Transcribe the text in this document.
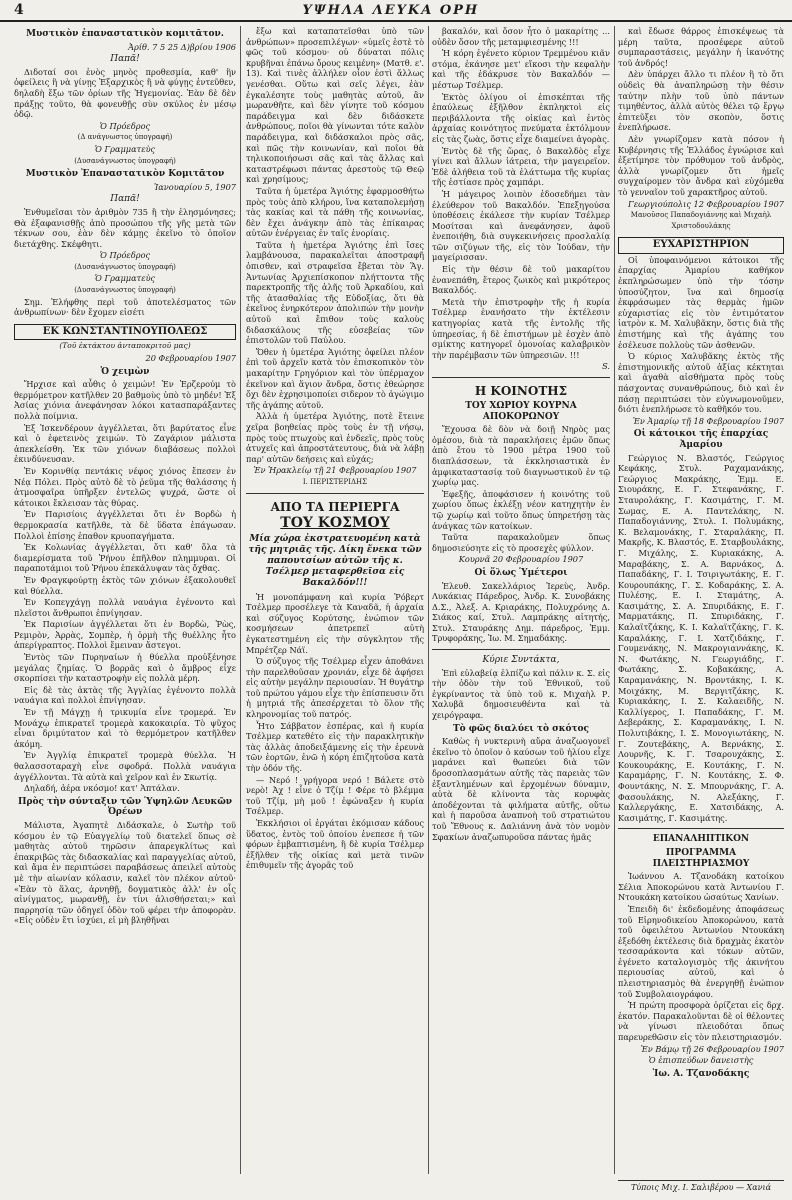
4	ΥΨΗΛΑ ΛΕΥΚΑ ΟΡΗ

Μυστικὸν ἐπαναστατικὸν κομιτᾶτον.

Ἀρίθ. 7 5 25 Δ)βρίου 1906

Παπᾶ!

Διδοταί σοι ἑνὸς μηνὸς προθεσμία, καθ' ἣν ὀφείλεις ἢ νὰ γίνῃς Ἐξαρχικὸς ἢ νὰ φύγῃς ἐντεῦθεν, δηλαδὴ ἔξω τῶν ὁρίων τῆς Ἡγεμονίας. Ἐὰν δὲ δὲν πράξῃς τοῦτο, θὰ φονευθῇς σὺν σκύλος ἐν μέσῳ ὁδῷ.

Ὁ Πρόεδρος

(Δ ανάγνωστος ὑπογραφή)

Ὁ Γραμματεὺς

(Δυσανάγνωστος ὑπογραφή)

Μυστικὸν Ἐπαναστατικὸν Κομιτᾶτον

Ἰανουαρίου 5, 1907

Παπᾶ!

Ἐνθυμεῖσαι τὸν ἀριθμὸν 735 ἢ τὴν ἐλησμόνησες; Θὰ ἐξαφανισθῇς ἀπὸ προσώπου τῆς γῆς μετὰ τῶν τέκνων σου, ἐὰν δὲν κάμῃς ἐκεῖνο τὸ ὁποῖον διετάχθης. Σκέφθητι.

Ὁ Πρόεδρος

(Δυσανάγνωστος ὑπογραφή)

Ὁ Γραμματεὺς

(Δυσανάγνωστος ὑπογραφή)

Σημ. Ἐλήφθης περὶ τοῦ ἀποτελέσματος τῶν ἀνθρωπίνων· δὲν ἔχομεν εἰσέτι

ΕΚ ΚΩΝΣΤΑΝΤΙΝΟΥΠΟΛΕΩΣ

(Τοῦ ἐκτάκτου ἀνταποκριτοῦ μας)

20 Φεβρουαρίου 1907

Ὁ χειμὼν

Ἤρχισε καὶ αὖθις ὁ χειμών! Ἐν Ἐρζερούμ τὸ θερμόμετρον κατῆλθεν 20 βαθμοὺς ὑπὸ τὸ μηδέν! Ἐξ Ἀσίας χιόνια ἀνεφάνησαν λόκοι κατασπαράξαντες πολλὰ ποίμνια.

Ἐξ Ἰσκενδέρουν ἀγγέλλεται, ὅτι βαρύτατος εἶνε καὶ ὁ ἐφετεινὸς χειμών. Τὸ Ζαγάριον μάλιστα ἀπεκλείσθη. Ἐκ τῶν χιόνων διαβάσεως πολλοὶ ἐκινδύνευσαν.

Ἐν Κορινθίᾳ πεντάκις νέφος χιόνος ἔπεσεν ἐν Νέᾳ Πόλει. Πρὸς αὐτὸ δὲ τὸ ῥεῦμα τῆς θαλάσσης ἡ ἀτμοσφαῖρα ὑπῆρξεν ἐντελῶς ψυχρά, ὥστε οἱ κάτοικοι ἔκλεισαν τὰς θύρας.

Ἐν Παρισίοις ἀγγέλλεται ὅτι ἐν Βορδὼ ἡ θερμοκρασία κατῆλθε, τὰ δὲ ὕδατα ἐπάγωσαν. Πολλοὶ ἐπίσης ἐπαθον κρυοπαγήματα.

Ἐκ Κολωνίας ἀγγέλλεται, ὅτι καθ' ὅλα τὰ διαμερίσματα τοῦ Ῥήνου ἐπῆλθον πλημμυραι. Οἱ παραποτάμιοι τοῦ Ῥήνου ἐπεκάλυψαν τὰς ὄχθας.

Ἐν Φραγκφούρτῃ ἐκτὸς τῶν χιόνων ἐξακολουθεῖ καὶ θύελλα.

Ἐν Κοπεγχάγῃ πολλὰ ναυάγια ἐγένοντο καὶ πλεῖστοι ἄνθρωποι ἐπνίγησαν.

Ἐκ Παρισίων ἀγγέλλεται ὅτι ἐν Βορδὼ, Ῥὼς, Ρεμιρὸν, Ἀρρὰς, Σομπὲρ, ἡ ὁρμὴ τῆς θυέλλης ἦτο ἀπερίγραπτος. Πολλοὶ ἔμειναν ἄστεγοι.

Ἐντὸς τῶν Πυρηναίων ἡ θύελλα προὐξένησε μεγάλας ζημίας. Ὁ βορρᾶς καὶ ὁ ἄμβρος εἶχε σκορπίσει τὴν καταστροφὴν εἰς πολλὰ μέρη.

Εἰς δὲ τὰς ἀκτὰς τῆς Ἀγγλίας ἐγένοντο πολλὰ ναυάγια καὶ πολλοὶ ἐπνίγησαν.

Ἐν τῇ Μάγχῃ ἡ τρικυμία εἶνε τρομερά. Ἐν Μονάχῳ ἐπικρατεῖ τρομερὰ κακοκαιρία. Τὸ ψῦχος εἶναι δριμύτατον καὶ τὸ θερμόμετρον κατῆλθεν ἀκόμη.

Ἐν Ἀγγλίᾳ ἐπικρατεῖ τρομερὰ θύελλα. Ἡ θαλασσοταραχὴ εἶνε σφοδρά. Πολλὰ ναυάγια ἀγγέλλονται. Τὰ αὐτὰ καὶ χεῖρον καὶ ἐν Σκωτίᾳ.

Δηλαδή, ἀέρα νκόσμο! κατ' Ἀπτάλαν.

Πρὸς τὴν σύνταξιν τῶν Ὑψηλῶν Λευκῶν Ὀρέων

Μάλιστα, Ἀγαπητὲ Διδάσκαλε, ὁ Σωτὴρ τοῦ κόσμου ἐν τῷ Εὐαγγελίῳ τοῦ διατελεῖ ὅπως σὲ μαθητὰς αὐτοῦ τηρῶσιν ἀπαρεγκλίτως καὶ ἐπακριβῶς τὰς διδασκαλίας καὶ παραγγελίας αὐτοῦ, καὶ ἄμα ἐν περιπτώσει παραβάσεως ἀπειλεῖ αὐτοὺς μὲ τὴν αἰωνίαν κόλασιν, καλεῖ τὸν πλέκον αὐτοῦ· «Ἐὰν τὸ ἅλας, ἀρνηθῇ, δογματικὸς ἀλλ' ἐν οἷς αἰνίγματος, μωρανθῇ, ἐν τίνι ἁλισθήσεται;» καὶ παρρησίᾳ τῶν ὁδηγεῖ ὁδὸν τοῦ φέρει τὴν ἀποφορὰν. «Εἰς οὐδὲν ἔτι ἰσχύει, εἰ μὴ βληθῆναι

ἔξω καὶ καταπατεῖσθαι ὑπὸ τῶν ἀνθρώπων» προσεπιλέγων· «ὑμεῖς ἐστὲ τὸ φῶς τοῦ κόσμου· οὐ δύναται πόλις κρυβῆναι ἐπάνω ὄρους κειμένη» (Ματθ. ε'. 13). Καὶ τινὲς ἀλλήλεν οἷον ἐστὶ ἄλλως γενέσθαι. Οὕτω καὶ σεῖς λέγει, ἐὰν ἐγκαλέσητε τοὺς μαθητὰς αὐτοῦ, ἂν μωρανθῆτε, καὶ δὲν γίνητε τοῦ κόσμου παράδειγμα καὶ δὲν διδάσκετε ἀνθρώπους, ποῖοι θὰ γίνωνται τότε καλὸν παράδειγμα, καὶ διδάσκαλοι πρὸς σᾶς, καὶ πῶς τὴν κοινωνίαν, καὶ ποῖοι θὰ τηλικοποιήσωσι σᾶς καὶ τὰς ἄλλας καὶ καταστρέφωσι πάντας ἀρεστοὺς τῷ Θεῷ καὶ χρησίμους;

Ταῦτα ἡ ὑμετέρα Ἁγιότης ἐφαρμοσθήτω πρὸς τοὺς ἀπὸ κλήρου, ἵνα καταπολεμήσῃ τὰς κακίας καὶ τὰ πάθη τῆς κοινωνίας, δὲν ἔχει ἀνάγκην ἀπὸ τὰς ἐπίκαιρας αὐτῶν ἐνέργειας ἐν ταῖς ἐνορίαις.

Ταῦτα ἡ ἡμετέρα Ἁγιότης ἐπὶ ἴσες λαμβάνουσα, παρακαλεῖται ἀποστραφῆ ὁπισθεν, καὶ στραφεῖσα ἔβεται τὸν Ἅγ. Ἀντωνίας Ἀρχιεπίσκοπον πλήττοντα τῆς παρεκτροπῆς τῆς ἀλῆς τοῦ Ἀρκαδίου, καὶ τῆς ἀτασθαλίας τῆς Εὐδοξίας, ὅτι θὰ ἐκεῖνος ἐνηρκότερον ἀπολιπών τὴν μονὴν αὐτοῦ καὶ ἔπιθον τοὺς καλοὺς διδασκάλους τῆς εὐσεβείας τῶν ἐπιστολῶν τοῦ Παύλου.

Ὅθεν ἡ ὑμετέρα Ἁγιότης ὀφείλει πλέον ἐπὶ τοῦ ἀρχεῖν κατὰ τὸν ἐπισκοπικὸν τὸν μακαρίτην Γρηγόριον καὶ τὸν ὑπέρμαχον ἐκεῖνον καὶ ἅγιον ἄνδρα, ὅστις ἐθεώρησε ὄχι δὲν ἐχρησιμοποίει σιδερον τὸ ἀγώγιμο τῆς ἀγάπης αὐτοῦ.

Ἀλλὰ ἡ ὑμετέρα Ἁγιότης, ποτὲ ἔτεινε χεῖρα βοηθείας πρὸς τοὺς ἐν τῇ νήσῳ, πρὸς τοὺς πτωχοὺς καὶ ἐνδεεῖς, πρὸς τοὺς ἀτυχεῖς καὶ ἀπροστάτευτους, διὰ νὰ λάβῃ παρ' αὐτῶν δεήσεις καὶ εὐχάς;

Ἐν Ἡρακλείῳ τῇ 21 Φεβρουαρίου 1907

Ι. ΠΕΡΙΣΤΕΡΙΔΗΣ

ΑΠΟ ΤΑ ΠΕΡΙΕΡΓΑ

ΤΟΥ ΚΟΣΜΟΥ

Μία χώρα ἐκστρατευομένη κατὰ τῆς μητριᾶς τῆς. Δίκη ἔνεκα τῶν παπουτσίων αὐτῶν τῆς κ. Τσέλμερ μεταφερθεῖσα εἰς Βακαλδόν!!!

Ἡ μονοπάμφανη καὶ κυρία Ῥόβερτ Τσέλμερ προσέλεγε τὰ Καναδᾶ, ἡ ἀρχαία καὶ σύζυγος Κορύτσης, ἐνώπιον τῶν κοσμήσεων ἀπετρεπεῖ αὐτὴ ἐγκατεστημένη εἰς τὴν σύγκλητον τῆς Μπρέτζερ Νάϊ.

Ὁ σύζυγος τῆς Τσέλμερ εἶχεν ἀποθάνει τὴν παρελθοῦσαν χρονιάν, εἶχε δὲ ἀφήσει εἰς αὐτὴν μεγάλην περιουσίαν. Ἡ θυγάτηρ τοῦ πρώτου γάμου εἶχε τὴν ἐπίσπευσιν ὅτι ἡ μητριά τῆς ἀπεσέρχεται τὸ ὅλον τῆς κληρονομίας τοῦ πατρός.

Ἦτο Σάββατον ἑσπέρας, καὶ ἡ κυρία Τσέλμερ κατεθέτο εἰς τὴν παρακλητικὴν τὰς ἀλλὰς ἀποδειξάμενης εἰς τὴν ἐρευνὰ τῶν ἑορτῶν, ἐνῶ ἡ κόρη ἐπιζητοῦσα κατὰ τὴν ὁδόν τῆς.

— Νερό ! γρήγορα νερό ! Βάλετε στὸ νερὸ! Ἀχ ! εἶνε ὁ Τζίμ ! Φέρε τὸ βλέμμα τοῦ Τζίμ, μὴ μοῦ ! ἐφώναξεν ἡ κυρία Τσέλμερ.

Ἐκκλήσιοι οἱ ἐργάται ἐκόμισαν κάδους ὕδατος, ἐντὸς τοῦ ὁποίου ἐνεπεσε ἡ τῶν φόρων ἐμβαπτισμένη, ἢ δὲ κυρία Τσέλμερ ἐξῆλθεν τῆς οἰκίας καὶ μετὰ τινῶν ἐπιθυμεῖν τῆς ἀγορᾶς τοῦ

βακαλόν, καὶ ὅσον ἦτο ὁ μακαρίτης ... οὐδὲν ὅσον τῆς μεταμφιεσμένης !!!

Ἡ κόρη ἐγένετο κύριον Τρεμμένου κιᾶν στόμα, ἐκάνησε μετ' εἴκοσι τὴν κεφαλὴν καὶ τῆς ἐδάκρυσε τὸν Βακαλδόν — μέστωρ Τσέλμερ.

Ἐκτὸς ὀλίγου οἱ ἐπισκέπται τῆς ἐπαύλεως ἐξῆλθον ἐκπληκτοὶ εἰς περιβάλλοντα τῆς οἰκίας καὶ ἐντὸς ἀρχαίας κοινότητος πνεύματα ἐκτόλμουν εἰς τὰς ζωὰς, ὅστις εἶχε διαμείνει ἀγορὰς.

Ἐντὸς δὲ τῆς ὥρας, ὁ Βακαλδὸς εἶχε γίνει καὶ ἄλλων ἰάτρεια, τὴν μαγειρεῖον. Ἐδὲ ἀλήθεια τοῦ τὰ ἐλάττωμα τῆς κυρίας τῆς ἐστίασε πρὸς χαμπάρι.

Ἡ μάγειρος λοιπὸν ἐδοσεδήμει τὰν ἐλεύθερον τοῦ Βακαλδόν. Ἐπεξηγούσα ὑποθέσεις ἐκάλεσε τὴν κυρίαν Τσέλμερ Μοσίτσαι καὶ ἀνεφάνησεν, ἀφοῦ ἐνεποιήθη, διὰ συγκεκινήσεις προσλαλίᾳ τῶν σιζύγων τῆς, εἰς τὸν Ἰούδαν, τὴν μαγείρισσαν.

Εἰς τὴν θέσιν δὲ τοῦ μακαρίτου ἐνανεπάθη, ἕτερος ζωικὸς καὶ μικρότερος Βακαλδός.

Μετὰ τὴν ἐπιστροφὴν τῆς ἡ κυρία Τσέλμερ ἐνανήσατο τὴν ἐκτέλεσιν κατηγορίας κατὰ τῆς ἐντολῆς τῆς ὑπηρεσίας, ἡ δὲ ἐπιστήμων μὲ ἐσχὲν ἀπὸ σμίκτης κατηγορεῖ ὁμονοίας καλαβρικὸν τὴν παρέμβασιν τῶν ὑπηρεσιῶν. !!!

S.

Η ΚΟΙΝΟΤΗΣ

ΤΟΥ ΧΩΡΙΟΥ ΚΟΥΡΝΑ ΑΠΟΚΟΡΩΝΟΥ

Ἔχουσα δὲ δὸν νὰ δοιῇ Νηρὸς μας ὁμέσου, διὰ τὰ παρακλήσεις ἐμῶν ὅπως ἀπὸ ἔτου τὸ 1900 μέτρα 1900 τοῦ διαπλάσσεων, τὰ ἐκκλησιαστικὰ ἐν ἀμφικαταστασίᾳ τοῦ διαγνωστικοῦ ἐν τῷ χωρίῳ μας.

Ἐφεξῆς, ἀποφάσισεν ἡ κοινότης τοῦ χωρίου ὅπως ἐκλέξῃ νέον κατηχητὴν ἐν τῷ χωρίῳ καὶ τοῦτο ὅπως ὑπηρετήσῃ τὰς ἀνάγκας τῶν κατοίκων.

Ταῦτα παρακαλοῦμεν ὅπως δημοσιεύσητε εἰς τὸ προσεχὲς φύλλον.

Κουρνᾶ 20 Φεβρουαρίου 1907

Οἱ ὅλως Ὑμέτεροι

Ἐλευθ. Σακελλάριος Ἱερεὺς, Ἀνδρ. Λυκάκιας Πάρεδρος, Ἀνδρ. Κ. Συνοβάκης Δ.Σ., Ἀλεξ. Α. Κριαράκης, Πολυχρόνης Δ. Σιάκος καί, Στυλ. Λαμπράκης αἰτητής, Στυλ. Σταυράκης Δημ. πάρεδρος, Ἐμμ. Τρυφοράκης, Ἰω. Μ. Σημαδάκης.

Κύριε Συντάκτα,

Ἐπὶ εὐλαβείᾳ ἐλπίζω καὶ πάλιν κ. Σ. εἰς τὴν ὁδὸν τὴν τοῦ Ἐθνικοῦ, τοῦ ἐγκρίναντος τὰ ὑπὸ τοῦ κ. Μιχαὴλ Ρ. Χαλυβᾶ δημοσιευθέντα καὶ τὰ χειρόγραφα.

Τὸ φῶς διαλύει τὸ σκότος

Καθὼς ἡ νυκτερινὴ αὔρα ἀναζωογονεῖ ἐκεῖνο τὸ ὁποῖον ὁ καύσων τοῦ ἡλίου εἶχε μαράνει καὶ θωπεύει διὰ τῶν δροσοπλασμάτων αὐτῆς τὰς παρειὰς τῶν ἐξαντλημένων καὶ ἐρχομένων δύναμιν, αὐτὰ δὲ κλίνοντα τὰς κορυφὰς ἀποδέχονται τὰ φιλήματα αὐτῆς, οὕτω καὶ ἡ παροῦσα ἀναπνοὴ τοῦ στρατιώτου τοῦ Ἔθνους κ. Δαλιάννη ἀνὰ τὸν νομὸν Σφακίων ἀναζωπυροῦσα πάντας ἡμᾶς

καὶ ἔδωσε θάρρος ἐπισκέψεως τὰ μέρη ταῦτα, προσέφερε αὐτοῦ συμπαραστάσεις, μεγάλην ἡ ἱκανότης τοῦ ἀνδρός!

Δὲν ὑπάρχει ἄλλο τι πλέον ἢ τὸ ὅτι οὐδεὶς θὰ ἀναπληρώσῃ τὴν θέσιν ταύτην πλὴν τοῦ ὑπὸ πάντων τιμηθέντος, ἀλλὰ αὐτὸς θέλει τῷ ἔργῳ ἐπιτεῦξει τὸν σκοπὸν, ὅστις ἐνεπλήρωσε.

Δὲν γνωρίζομεν κατὰ πόσον ἡ Κυβέρνησις τῆς Ἐλλάδος ἐγνώρισε καὶ ἐξετίμησε τὸν πρόθυμον τοῦ ἀνδρὸς, ἀλλὰ γνωρίζομεν ὅτι ἡμεῖς συγχαίρομεν τὸν ἄνδρα καὶ εὐχόμεθα τὸ γενναῖον τοῦ χαρακτῆρος αὐτοῦ.

Γεωργιούπολις 12 Φεβρουαρίου 1907

Μανοῦσος Παπαδογιάννης καὶ Μιχαὴλ Χριστοδουλάκης

ΕΥΧΑΡΙΣΤΗΡΙΟΝ

Οἱ ὑποφαινόμενοι κάτοικοι τῆς ἐπαρχίας Ἀμαρίου καθήκον ἐκπληρώσωμεν ὑπὸ τὴν τόσην ὑποσύζητον, ἵνα καὶ δημοσίᾳ ἐκφράσωμεν τὰς θερμὰς ἡμῶν εὐχαριστίας εἰς τὸν ἐντιμότατον ἰατρὸν κ. Μ. Χαλυβᾶκην, ὅστις διὰ τῆς ἐπιστήμης καὶ τῆς ἀγάπης του ἐσέλευσε πολλοὺς τῶν ἀσθενῶν.

Ὁ κύριος Χαλυβᾶκης ἐκτὸς τῆς ἐπιστημονικῆς αὐτοῦ ἀξίας κέκτηται καὶ ἀγαθὰ αἰσθήματα πρὸς τοὺς πάσχοντας συνανθρώπους, διὸ καὶ ἐν πάσῃ περιπτώσει τὸν εὐγνωμονοῦμεν, διότι ἐνεπλήρωσε τὸ καθῆκόν του.

Ἐν Ἀμαρίῳ τῇ 18 Φεβρουαρίου 1907

Οἱ κάτοικοι τῆς ἐπαρχίας Ἀμαρίου

Γεώργιος Ν. Βλαστός, Γεώργιος Κεφάκης, Στυλ. Ραχαμανάκης, Γεώργιος Μακράκης, Ἐμμ. Ε. Σιουράκης, Ε. Γ. Στεφανάκης, Γ. Σταυρολάκης, Γ. Κασιμάτης, Γ. Μ. Σωμας, Ε. Α. Παντελάκης, Ν. Παπαδογιάννης, Στυλ. Ι. Πολυμάκης, Κ. Βελαμονάκης, Γ. Σταραλάκης, Π. Μακρῆς, Κ. Βλαστός, Ε. Σταρβουλάκης, Γ. Μιχάλης, Σ. Κυριακάκης, Α. Μαραβάκης, Σ. Α. Βαρνάκος, Δ. Παπαδάκης, Γ. Ι. Τσιριγωτάκης, Ε. Γ. Κουρουπάκης, Γ. Σ. Κοδαράκης, Σ. Α. Πυλέσης, Ε. Ι. Σταμάτης, Α. Κασιμάτης, Σ. Α. Σπυριδάκης, Ε. Γ. Μαρματάκης, Π. Σπυριδάκης, Γ. Καλαϊτζάκης, Κ. Ι. Καλαϊτζάκης, Γ. Κ. Καραλάκης, Γ. Ι. Χατζιδάκης, Γ. Γουμενάκης, Ν. Μακρογιαννάκης, Κ. Ν. Φωτάκης, Ν. Γεωργιάδης, Γ. Φωτάκης, Σ. Κοβακάκης, Α. Καραμανάκης, Ν. Βροντάκης, Ι. Κ. Μοιχάκης, Μ. Βεργιτζάκης, Κ. Κυριακάκης, Ι. Σ. Καλαειδῆς, Ν. Καλλίγερος, Ι. Παπαδάκης, Γ. Μ. Δεβεράκης, Σ. Καραμανάκης, Ι. Ν. Πολυτιβάκης, Ι. Σ. Μονογιωτάκης, Ν. Γ. Ζουτεβάκης, Α. Βερνάκης, Σ. Λουρνῆς, Κ. Γ. Τσαρουχάκης, Σ. Κουκουράκης, Ε. Κουτάκης, Γ. Ν. Καραμάρης, Γ. Ν. Κουτάκης, Σ. Φ. Φουντάκης, Ν. Σ. Μπουρνάκης, Γ. Α. Φασουλάκης, Ν. Αλεξάκης, Γ. Καλλεργάκης, Ε. Χατσιδάκης, Α. Κασιμάτης, Γ. Κασιμάτης.

ΕΠΑΝΑΛΗΠΤΙΚΟΝ

ΠΡΟΓΡΑΜΜΑ ΠΛΕΙΣΤΗΡΙΑΣΜΟΥ

Ἰωάννου Α. Τζανοδάκη κατοίκου Σέλια Ἀποκορώνου κατὰ Ἀντωνίου Γ. Ντουκάκη κατοίκου ὡσαύτως Χανίων.

Ἐπειδὴ δι' ἐκδεδομένης ἀποφάσεως τοῦ Εἰρηνοδικείου Ἀποκορώνου, κατὰ τοῦ ὀφειλέτου Ἀντωνίου Ντουκάκη ἐξεδόθη ἐκτέλεσις διὰ δραχμὰς ἑκατὸν τεσσαράκοντα καὶ τόκων αὐτῶν, ἐγένετο καταλογισμὸς τῆς ἀκινήτου περιουσίας αὐτοῦ, καὶ ὁ πλειστηριασμὸς θὰ ἐνεργηθῇ ἐνώπιον τοῦ Συμβολαιογράφου.

Ἡ πρώτη προσφορὰ ὁρίζεται εἰς δρχ. ἑκατόν. Παρακαλοῦνται δὲ οἱ θέλοντες νὰ γίνωσι πλειοδόται ὅπως παρευρεθῶσιν εἰς τὸν πλειστηριασμόν.

Ἐν Βάμῳ τῇ 26 Φεβρουαρίου 1907

Ὁ ἐπισπεύδων δανειστὴς

Ἰω. Α. Τζανοδάκης

Τύποις Μιχ. Ι. Σαλιβέρου — Χανιά
